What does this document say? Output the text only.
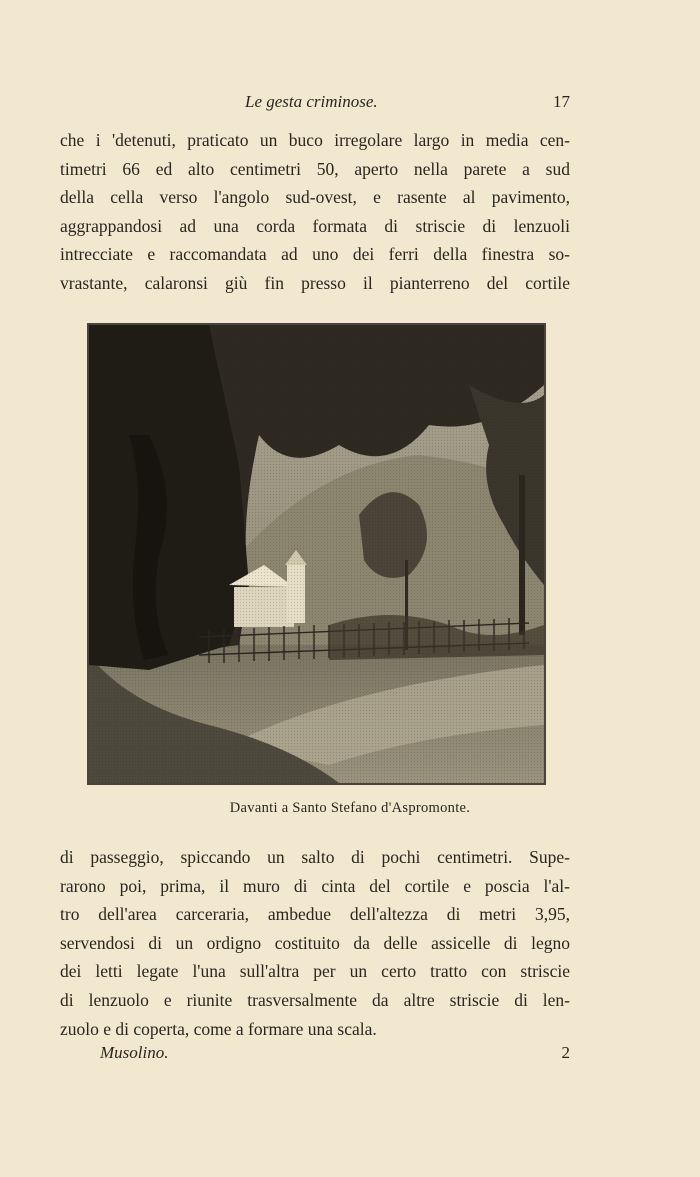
Le gesta criminose.	17
che i 'detenuti, praticato un buco irregolare largo in media cen-
timetri 66 ed alto centimetri 50, aperto nella parete a sud
della cella verso l'angolo sud-ovest, e rasente al pavimento,
aggrappandosi ad una corda formata di striscie di lenzuoli
intrecciate e raccomandata ad uno dei ferri della finestra so-
vrastante, calaronsi giù fin presso il pianterreno del cortile
Davanti a Santo Stefano d'Aspromonte.
di passeggio, spiccando un salto di pochi centimetri. Supe-
rarono poi, prima, il muro di cinta del cortile e poscia l'al-
tro dell'area carceraria, ambedue dell'altezza di metri 3,95,
servendosi di un ordigno costituito da delle assicelle di legno
dei letti legate l'una sull'altra per un certo tratto con striscie
di lenzuolo e riunite trasversalmente da altre striscie di len-
zuolo e di coperta, come a formare una scala.
Musolino.	2
